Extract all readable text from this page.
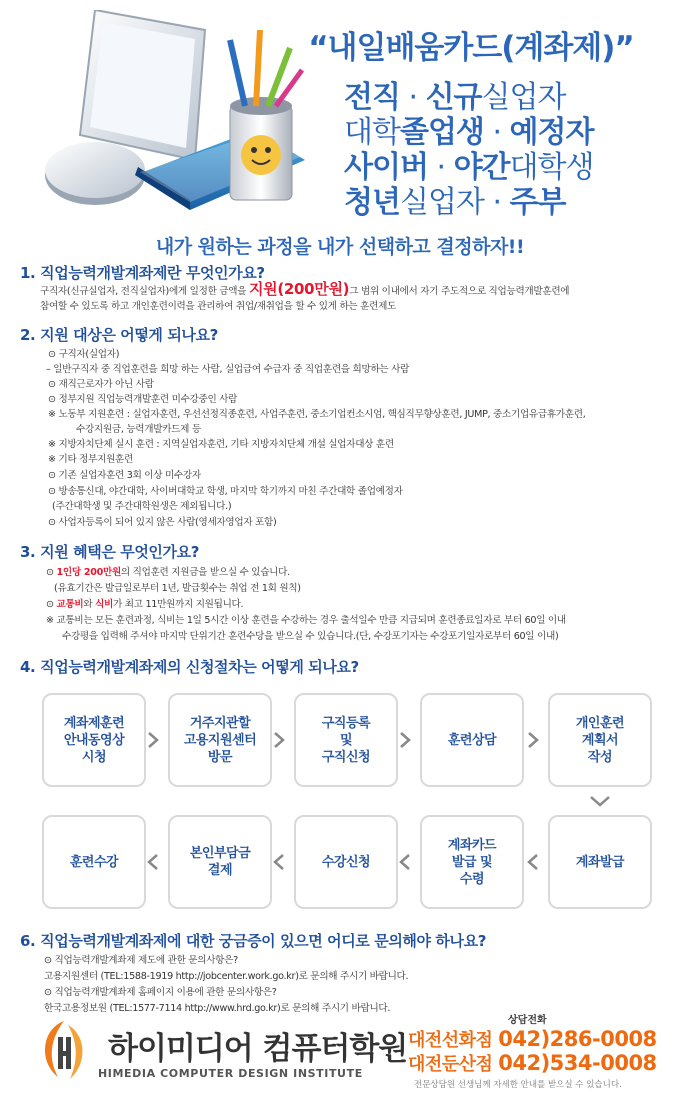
“내일배움카드(계좌제)”
전직 · 신규실업자
대학졸업생 · 예정자
사이버 · 야간대학생
청년실업자 · 주부
내가 원하는 과정을 내가 선택하고 결정하자!!
1. 직업능력개발계좌제란 무엇인가요?
구직자(신규실업자, 전직실업자)에게 일정한 금액을 지원(200만원)그 범위 이내에서 자기 주도적으로 직업능력개발훈련에
참여할 수 있도록 하고 개인훈련이력을 관리하여 취업/재취업을 할 수 있게 하는 훈련제도
2. 지원 대상은 어떻게 되나요?
⊙ 구직자(실업자)
– 일반구직자 중 직업훈련을 희망 하는 사람, 실업급여 수급자 중 직업훈련을 희망하는 사람
⊙ 재직근로자가 아닌 사람
⊙ 정부지원 직업능력개발훈련 미수강중인 사람
※ 노동부 지원훈련 : 실업자훈련, 우선선정직종훈련, 사업주훈련, 중소기업컨소시엄, 핵심직무향상훈련, JUMP, 중소기업유급휴가훈련,
수강지원금, 능력개발카드제 등
※ 지방자치단체 실시 훈련 : 지역실업자훈련, 기타 지방자치단체 개설 실업자대상 훈련
※ 기타 정부지원훈련
⊙ 기존 실업자훈련 3회 이상 미수강자
⊙ 방송통신대, 야간대학, 사이버대학교 학생, 마지막 학기까지 마친 주간대학 졸업예정자
(주간대학생 및 주간대학원생은 제외됩니다.)
⊙ 사업자등록이 되어 있지 않은 사람(영세자영업자 포함)
3. 지원 혜택은 무엇인가요?
⊙ 1인당 200만원의 직업훈련 지원금을 받으실 수 있습니다.
(유효기간은 발급일로부터 1년, 발급횟수는 취업 전 1회 원칙)
⊙ 교통비와 식비가 최고 11만원까지 지원됩니다.
※ 교통비는 모든 훈련과정, 식비는 1일 5시간 이상 훈련을 수강하는 경우 출석일수 만큼 지급되며 훈련종료일자로 부터 60일 이내
수강평을 입력해 주셔야 마지막 단위기간 훈련수당을 받으실 수 있습니다.(단, 수강포기자는 수강포기일자로부터 60일 이내)
4. 직업능력개발계좌제의 신청절차는 어떻게 되나요?
계좌제훈련
안내동영상
시청
거주지관할
고용지원센터
방문
구직등록
및
구직신청
훈련상담
개인훈련
계획서
작성
훈련수강
본인부담금
결제
수강신청
계좌카드
발급 및
수령
계좌발급
6. 직업능력개발계좌제에 대한 궁금증이 있으면 어디로 문의해야 하나요?
⊙ 직업능력개발계좌제 제도에 관한 문의사항은?
고용지원센터 (TEL:1588-1919 http://jobcenter.work.go.kr)로 문의해 주시기 바랍니다.
⊙ 직업능력개발계좌제 홈페이지 이용에 관한 문의사항은?
한국고용정보원 (TEL:1577-7114 http://www.hrd.go.kr)로 문의해 주시기 바랍니다.
하이미디어 컴퓨터학원
HIMEDIA COMPUTER DESIGN INSTITUTE
상담전화
대전선화점 042)286-0008
대전둔산점 042)534-0008
전문상담원 선생님께 자세한 안내를 받으실 수 있습니다.
